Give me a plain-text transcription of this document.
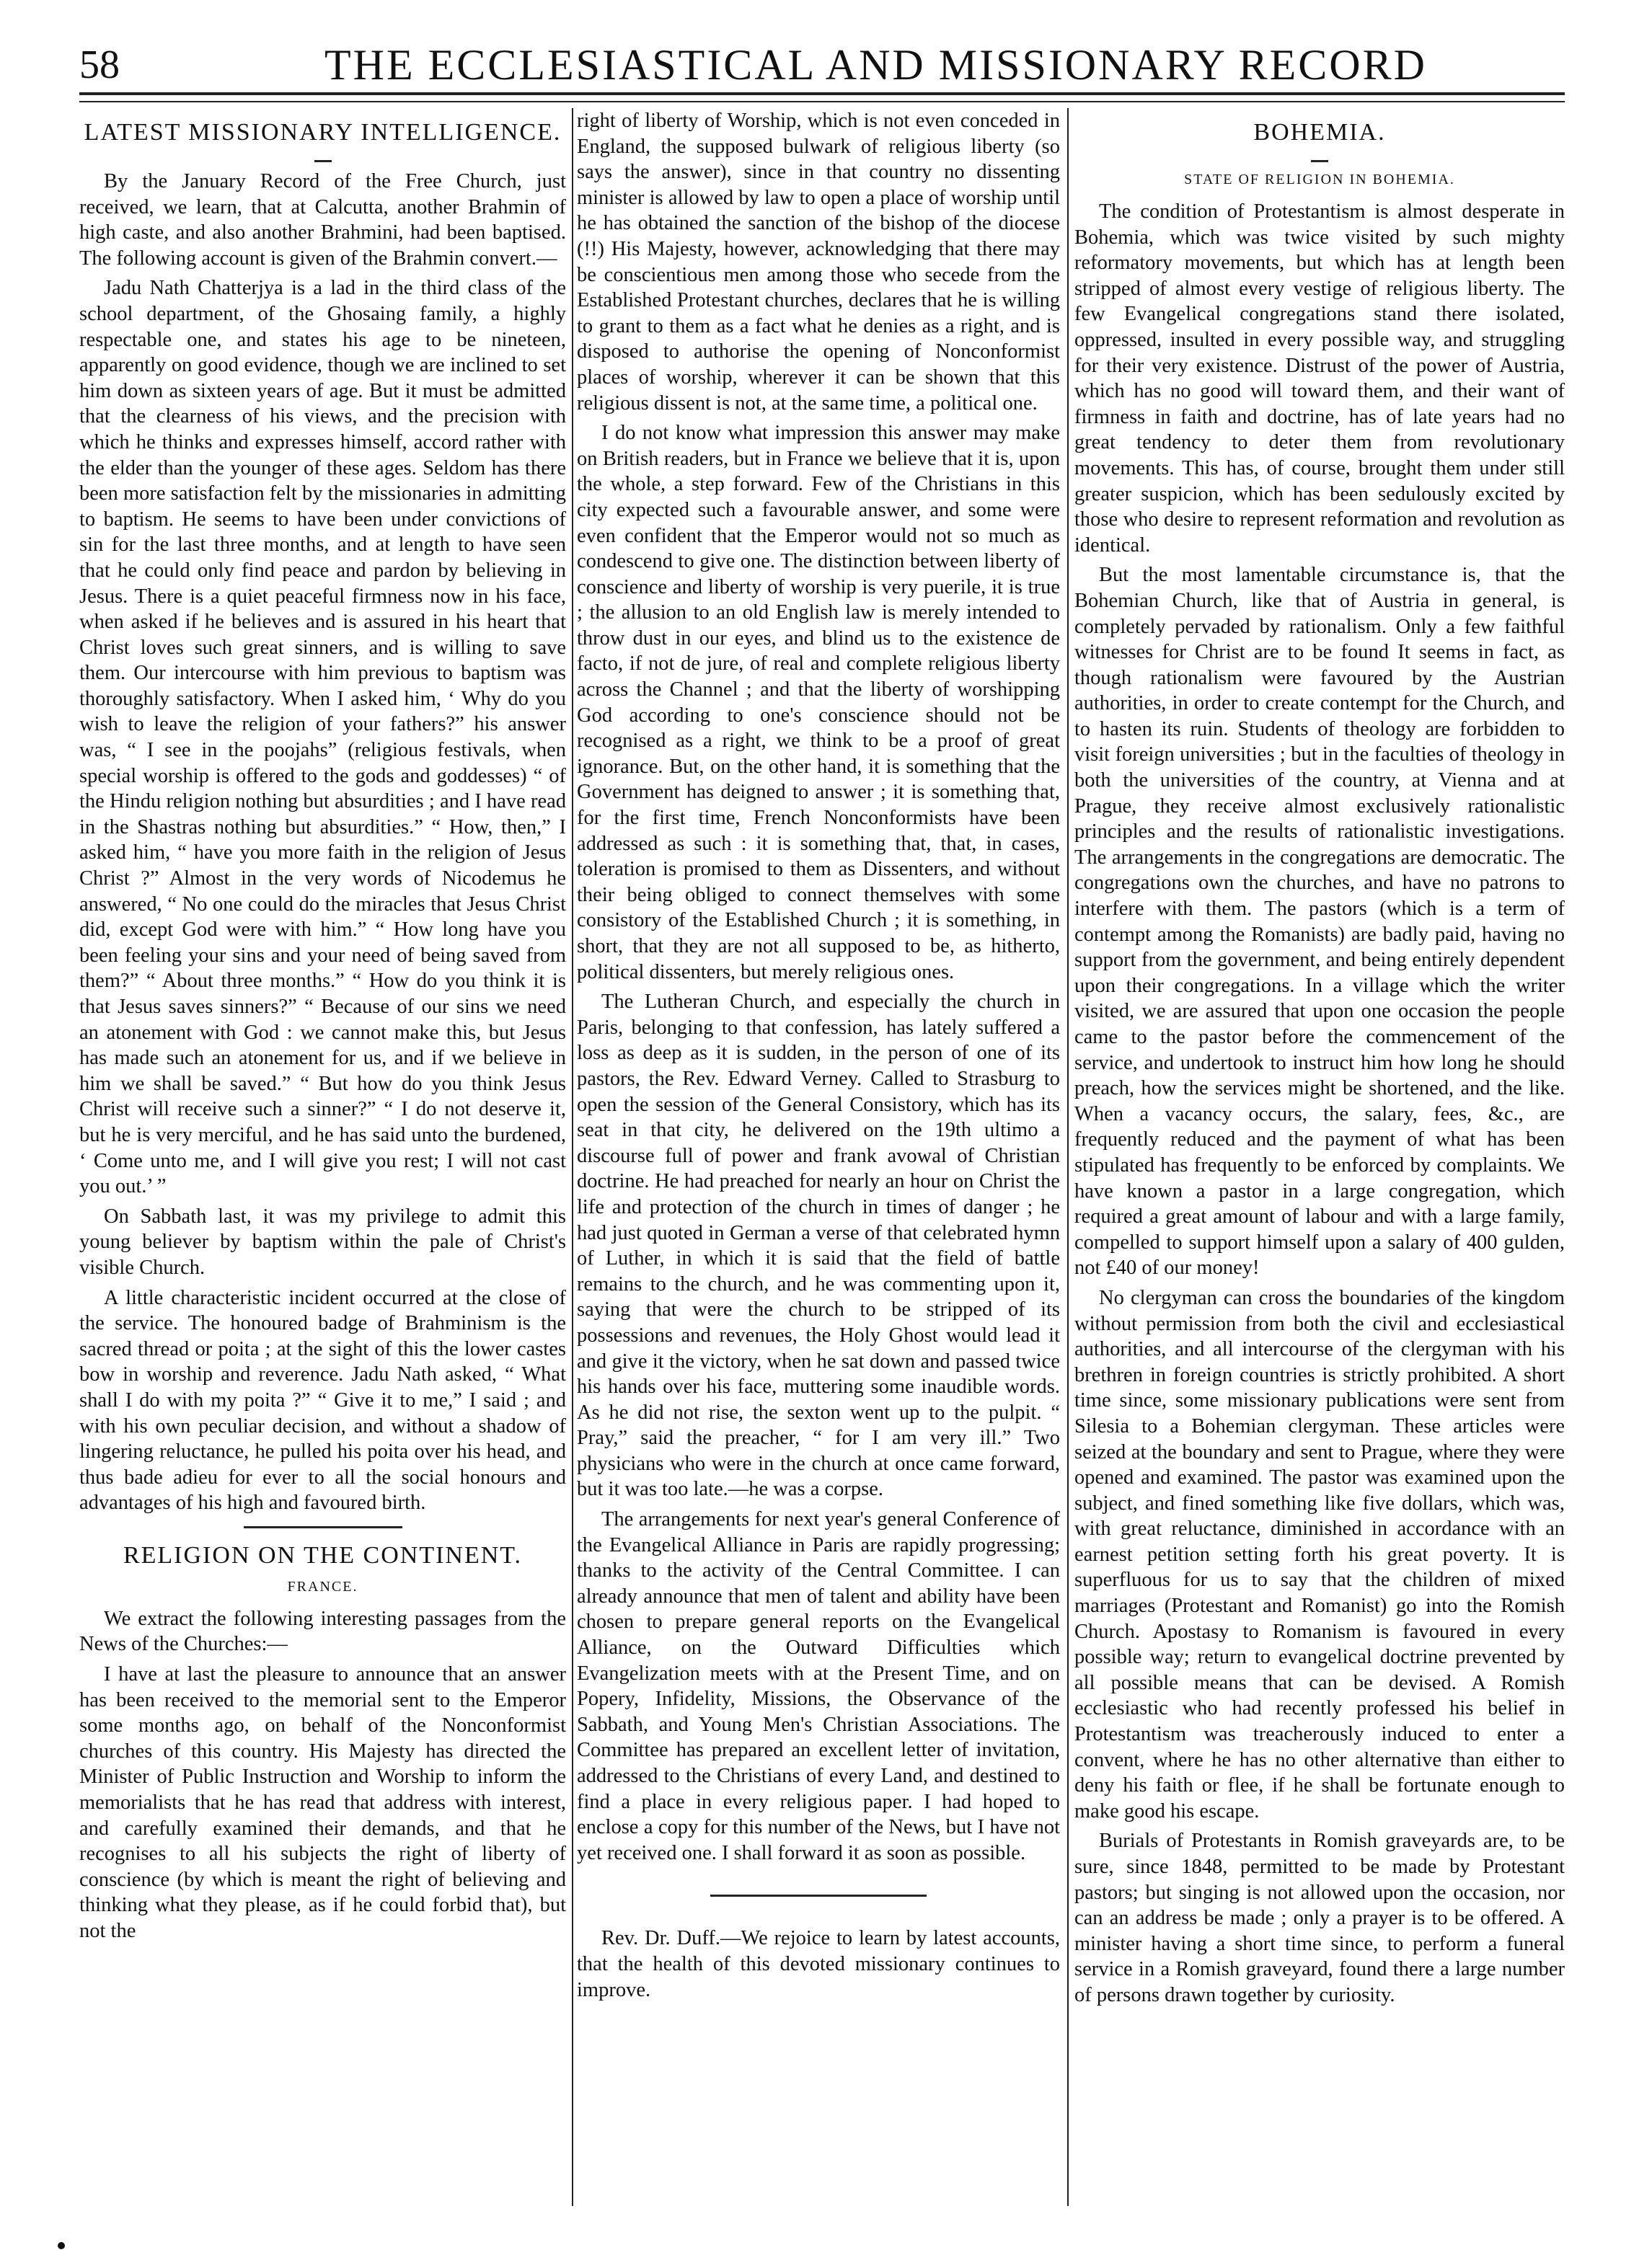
58	THE ECCLESIASTICAL AND MISSIONARY RECORD
LATEST MISSIONARY INTELLIGENCE.

By the January Record of the Free Church, just received, we learn, that at Calcutta, another Brahmin of high caste, and also another Brahmini, had been baptised. The following account is given of the Brahmin convert.—

Jadu Nath Chatterjya is a lad in the third class of the school department, of the Ghosaing family, a highly respectable one, and states his age to be nineteen, apparently on good evidence, though we are inclined to set him down as sixteen years of age. But it must be admitted that the clearness of his views, and the precision with which he thinks and expresses himself, accord rather with the elder than the younger of these ages. Seldom has there been more satisfaction felt by the missionaries in admitting to baptism. He seems to have been under convictions of sin for the last three months, and at length to have seen that he could only find peace and pardon by believing in Jesus. There is a quiet peaceful firmness now in his face, when asked if he believes and is assured in his heart that Christ loves such great sinners, and is willing to save them. Our intercourse with him previous to baptism was thoroughly satisfactory. When I asked him, ‘ Why do you wish to leave the religion of your fathers?” his answer was, “ I see in the poojahs” (religious festivals, when special worship is offered to the gods and goddesses) “ of the Hindu religion nothing but absurdities ; and I have read in the Shastras nothing but absurdities.” “ How, then,” I asked him, “ have you more faith in the religion of Jesus Christ ?” Almost in the very words of Nicodemus he answered, “ No one could do the miracles that Jesus Christ did, except God were with him.” “ How long have you been feeling your sins and your need of being saved from them?” “ About three months.” “ How do you think it is that Jesus saves sinners?” “ Because of our sins we need an atonement with God : we cannot make this, but Jesus has made such an atonement for us, and if we believe in him we shall be saved.” “ But how do you think Jesus Christ will receive such a sinner?” “ I do not deserve it, but he is very merciful, and he has said unto the burdened, ‘ Come unto me, and I will give you rest; I will not cast you out.’ ”

On Sabbath last, it was my privilege to admit this young believer by baptism within the pale of Christ's visible Church.

A little characteristic incident occurred at the close of the service. The honoured badge of Brahminism is the sacred thread or poita ; at the sight of this the lower castes bow in worship and reverence. Jadu Nath asked, “ What shall I do with my poita ?” “ Give it to me,” I said ; and with his own peculiar decision, and without a shadow of lingering reluctance, he pulled his poita over his head, and thus bade adieu for ever to all the social honours and advantages of his high and favoured birth.

RELIGION ON THE CONTINENT.
FRANCE.

We extract the following interesting passages from the News of the Churches:—

I have at last the pleasure to announce that an answer has been received to the memorial sent to the Emperor some months ago, on behalf of the Nonconformist churches of this country. His Majesty has directed the Minister of Public Instruction and Worship to inform the memorialists that he has read that address with interest, and carefully examined their demands, and that he recognises to all his subjects the right of liberty of conscience (by which is meant the right of believing and thinking what they please, as if he could forbid that), but not the

right of liberty of Worship, which is not even conceded in England, the supposed bulwark of religious liberty (so says the answer), since in that country no dissenting minister is allowed by law to open a place of worship until he has obtained the sanction of the bishop of the diocese (!!) His Majesty, however, acknowledging that there may be conscientious men among those who secede from the Established Protestant churches, declares that he is willing to grant to them as a fact what he denies as a right, and is disposed to authorise the opening of Nonconformist places of worship, wherever it can be shown that this religious dissent is not, at the same time, a political one.

I do not know what impression this answer may make on British readers, but in France we believe that it is, upon the whole, a step forward. Few of the Christians in this city expected such a favourable answer, and some were even confident that the Emperor would not so much as condescend to give one. The distinction between liberty of conscience and liberty of worship is very puerile, it is true ; the allusion to an old English law is merely intended to throw dust in our eyes, and blind us to the existence de facto, if not de jure, of real and complete religious liberty across the Channel ; and that the liberty of worshipping God according to one's conscience should not be recognised as a right, we think to be a proof of great ignorance. But, on the other hand, it is something that the Government has deigned to answer ; it is something that, for the first time, French Nonconformists have been addressed as such : it is something that, that, in cases, toleration is promised to them as Dissenters, and without their being obliged to connect themselves with some consistory of the Established Church ; it is something, in short, that they are not all supposed to be, as hitherto, political dissenters, but merely religious ones.

The Lutheran Church, and especially the church in Paris, belonging to that confession, has lately suffered a loss as deep as it is sudden, in the person of one of its pastors, the Rev. Edward Verney. Called to Strasburg to open the session of the General Consistory, which has its seat in that city, he delivered on the 19th ultimo a discourse full of power and frank avowal of Christian doctrine. He had preached for nearly an hour on Christ the life and protection of the church in times of danger ; he had just quoted in German a verse of that celebrated hymn of Luther, in which it is said that the field of battle remains to the church, and he was commenting upon it, saying that were the church to be stripped of its possessions and revenues, the Holy Ghost would lead it and give it the victory, when he sat down and passed twice his hands over his face, muttering some inaudible words. As he did not rise, the sexton went up to the pulpit. “ Pray,” said the preacher, “ for I am very ill.” Two physicians who were in the church at once came forward, but it was too late.—he was a corpse.

The arrangements for next year's general Conference of the Evangelical Alliance in Paris are rapidly progressing; thanks to the activity of the Central Committee. I can already announce that men of talent and ability have been chosen to prepare general reports on the Evangelical Alliance, on the Outward Difficulties which Evangelization meets with at the Present Time, and on Popery, Infidelity, Missions, the Observance of the Sabbath, and Young Men's Christian Associations. The Committee has prepared an excellent letter of invitation, addressed to the Christians of every Land, and destined to find a place in every religious paper. I had hoped to enclose a copy for this number of the News, but I have not yet received one. I shall forward it as soon as possible.

Rev. Dr. Duff.—We rejoice to learn by latest accounts, that the health of this devoted missionary continues to improve.

BOHEMIA.
STATE OF RELIGION IN BOHEMIA.

The condition of Protestantism is almost desperate in Bohemia, which was twice visited by such mighty reformatory movements, but which has at length been stripped of almost every vestige of religious liberty. The few Evangelical congregations stand there isolated, oppressed, insulted in every possible way, and struggling for their very existence. Distrust of the power of Austria, which has no good will toward them, and their want of firmness in faith and doctrine, has of late years had no great tendency to deter them from revolutionary movements. This has, of course, brought them under still greater suspicion, which has been sedulously excited by those who desire to represent reformation and revolution as identical.

But the most lamentable circumstance is, that the Bohemian Church, like that of Austria in general, is completely pervaded by rationalism. Only a few faithful witnesses for Christ are to be found It seems in fact, as though rationalism were favoured by the Austrian authorities, in order to create contempt for the Church, and to hasten its ruin. Students of theology are forbidden to visit foreign universities ; but in the faculties of theology in both the universities of the country, at Vienna and at Prague, they receive almost exclusively rationalistic principles and the results of rationalistic investigations. The arrangements in the congregations are democratic. The congregations own the churches, and have no patrons to interfere with them. The pastors (which is a term of contempt among the Romanists) are badly paid, having no support from the government, and being entirely dependent upon their congregations. In a village which the writer visited, we are assured that upon one occasion the people came to the pastor before the commencement of the service, and undertook to instruct him how long he should preach, how the services might be shortened, and the like. When a vacancy occurs, the salary, fees, &c., are frequently reduced and the payment of what has been stipulated has frequently to be enforced by complaints. We have known a pastor in a large congregation, which required a great amount of labour and with a large family, compelled to support himself upon a salary of 400 gulden, not £40 of our money!

No clergyman can cross the boundaries of the kingdom without permission from both the civil and ecclesiastical authorities, and all intercourse of the clergyman with his brethren in foreign countries is strictly prohibited. A short time since, some missionary publications were sent from Silesia to a Bohemian clergyman. These articles were seized at the boundary and sent to Prague, where they were opened and examined. The pastor was examined upon the subject, and fined something like five dollars, which was, with great reluctance, diminished in accordance with an earnest petition setting forth his great poverty. It is superfluous for us to say that the children of mixed marriages (Protestant and Romanist) go into the Romish Church. Apostasy to Romanism is favoured in every possible way; return to evangelical doctrine prevented by all possible means that can be devised. A Romish ecclesiastic who had recently professed his belief in Protestantism was treacherously induced to enter a convent, where he has no other alternative than either to deny his faith or flee, if he shall be fortunate enough to make good his escape.

Burials of Protestants in Romish graveyards are, to be sure, since 1848, permitted to be made by Protestant pastors; but singing is not allowed upon the occasion, nor can an address be made ; only a prayer is to be offered. A minister having a short time since, to perform a funeral service in a Romish graveyard, found there a large number of persons drawn together by curiosity.
